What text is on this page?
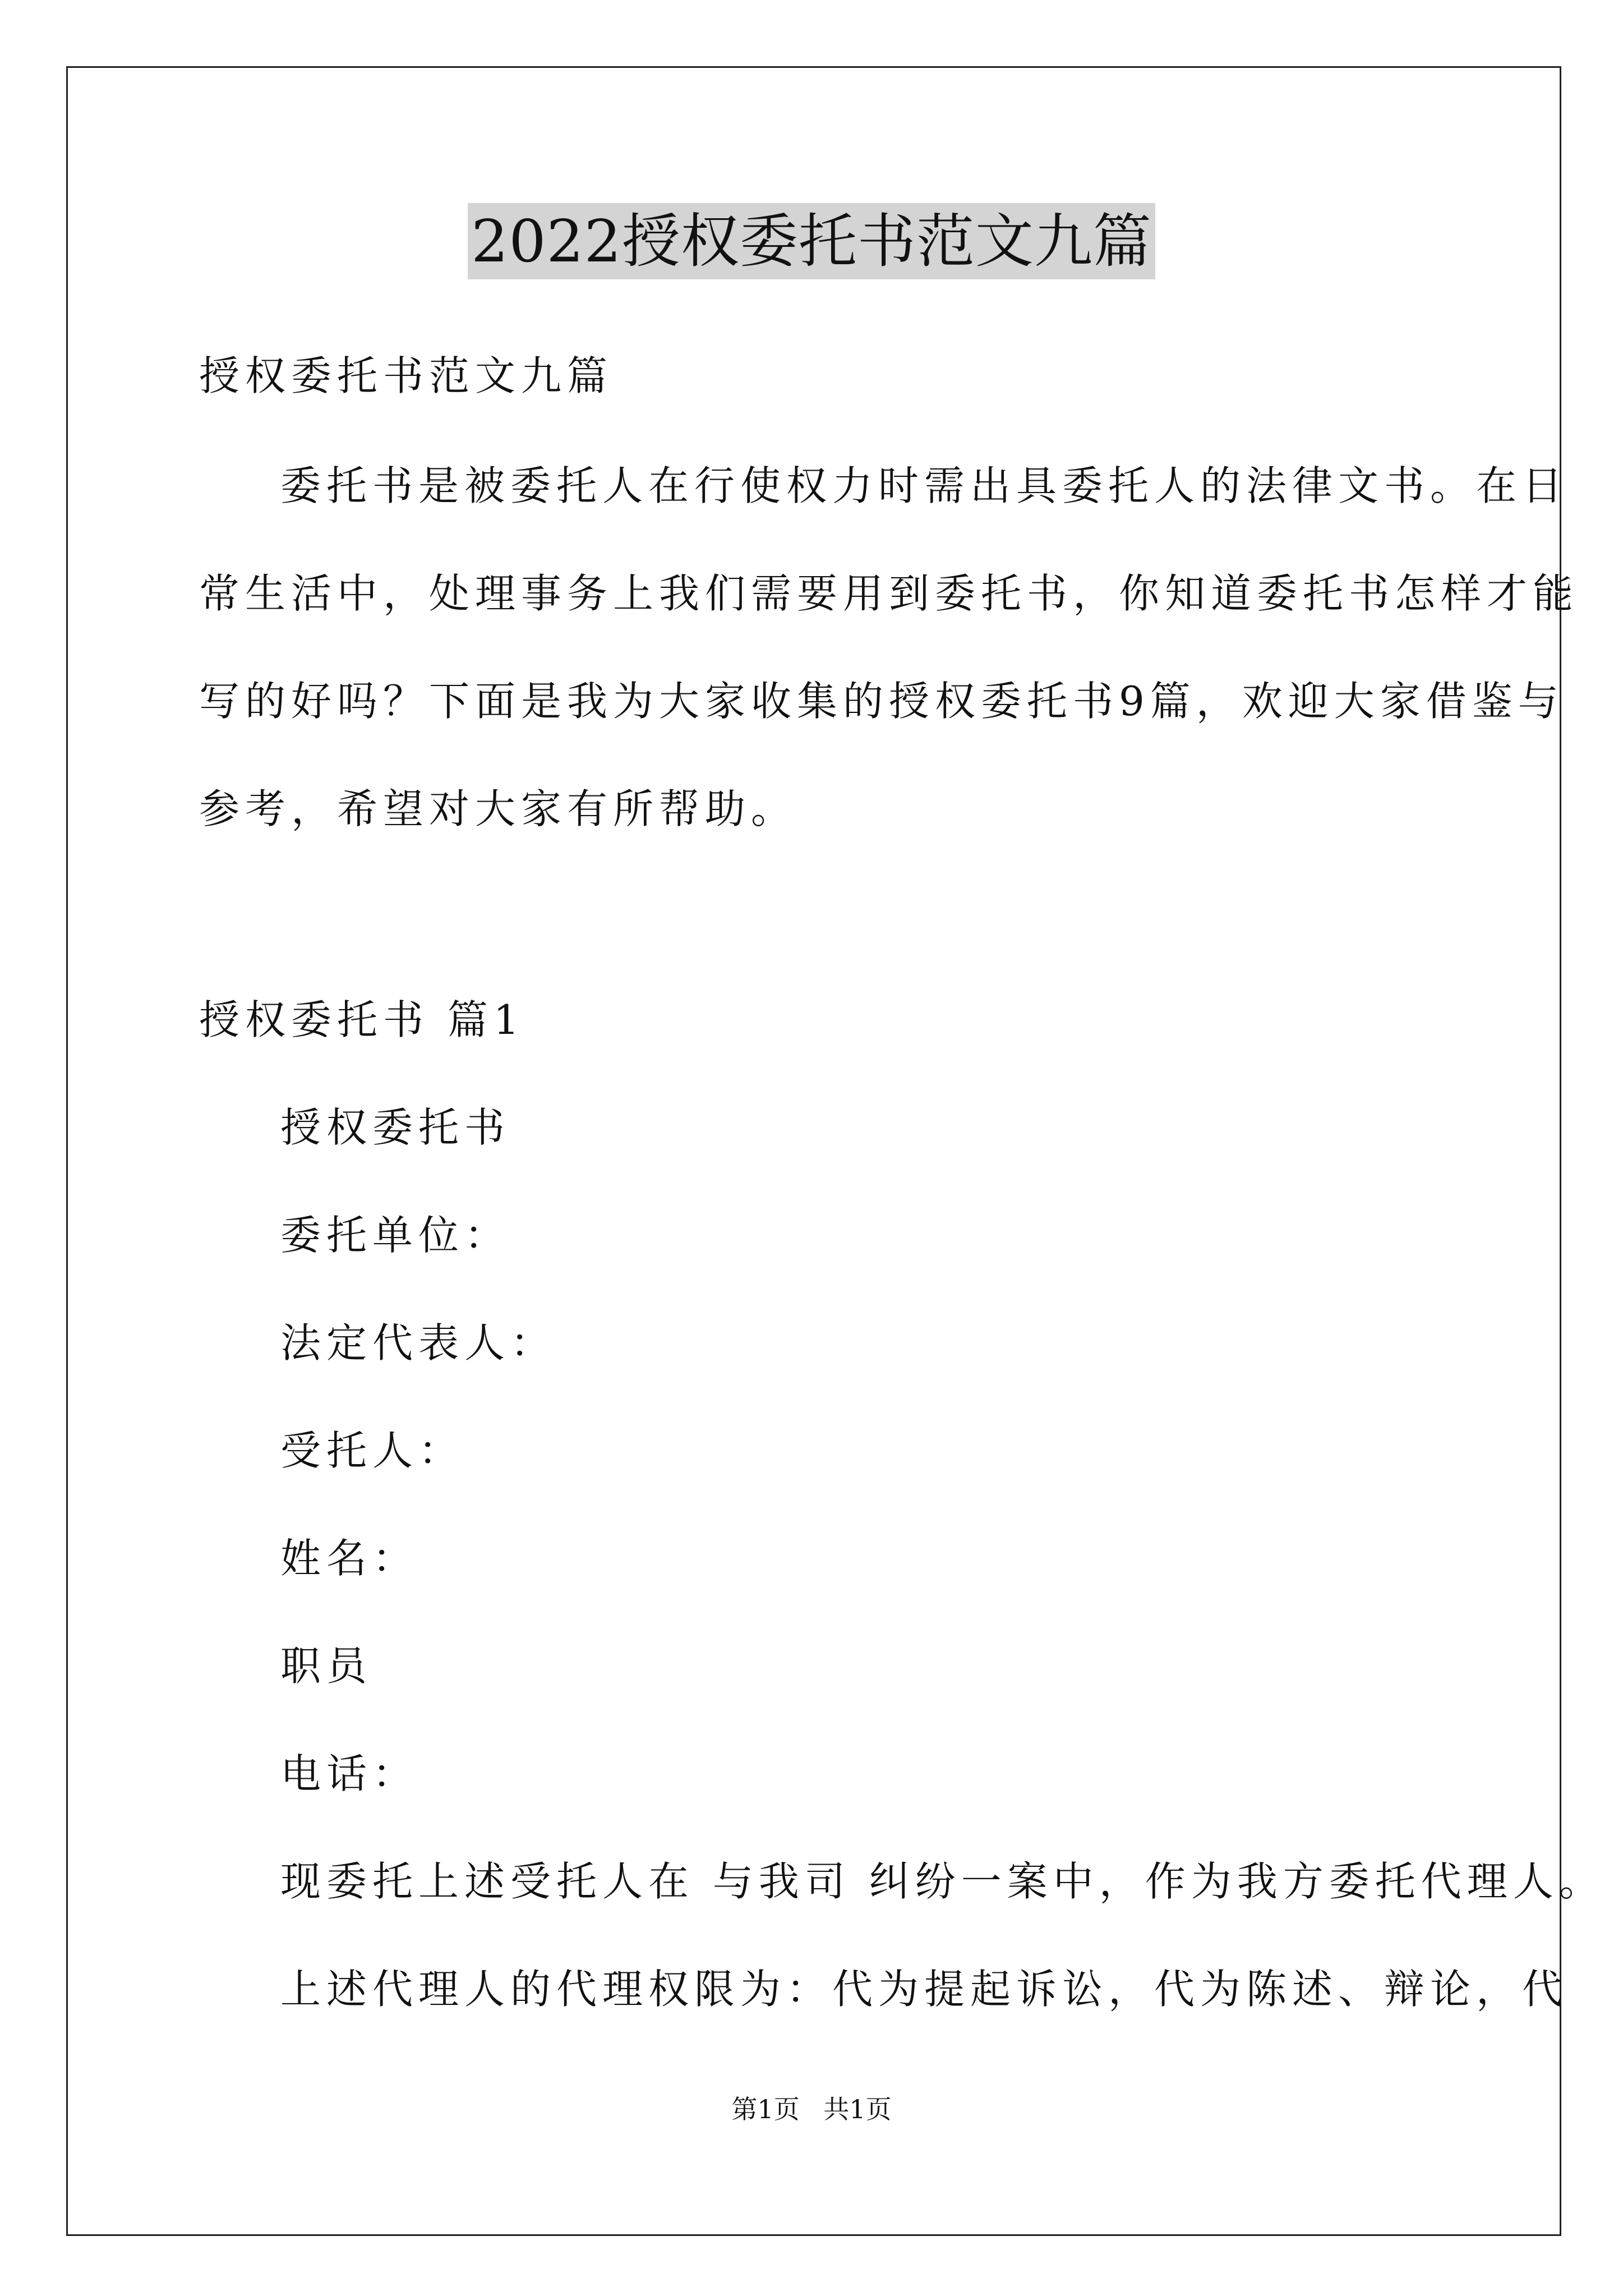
2022授权委托书范文九篇
授权委托书范文九篇
委托书是被委托人在行使权力时需出具委托人的法律文书。在日
常生活中，处理事务上我们需要用到委托书，你知道委托书怎样才能
写的好吗？下面是我为大家收集的授权委托书9篇，欢迎大家借鉴与
参考，希望对大家有所帮助。
授权委托书 篇1
授权委托书
委托单位：
法定代表人：
受托人：
姓名：
职员
电话：
现委托上述受托人在 与我司 纠纷一案中，作为我方委托代理人。
上述代理人的代理权限为：代为提起诉讼，代为陈述、辩论，代
第1页 共1页
